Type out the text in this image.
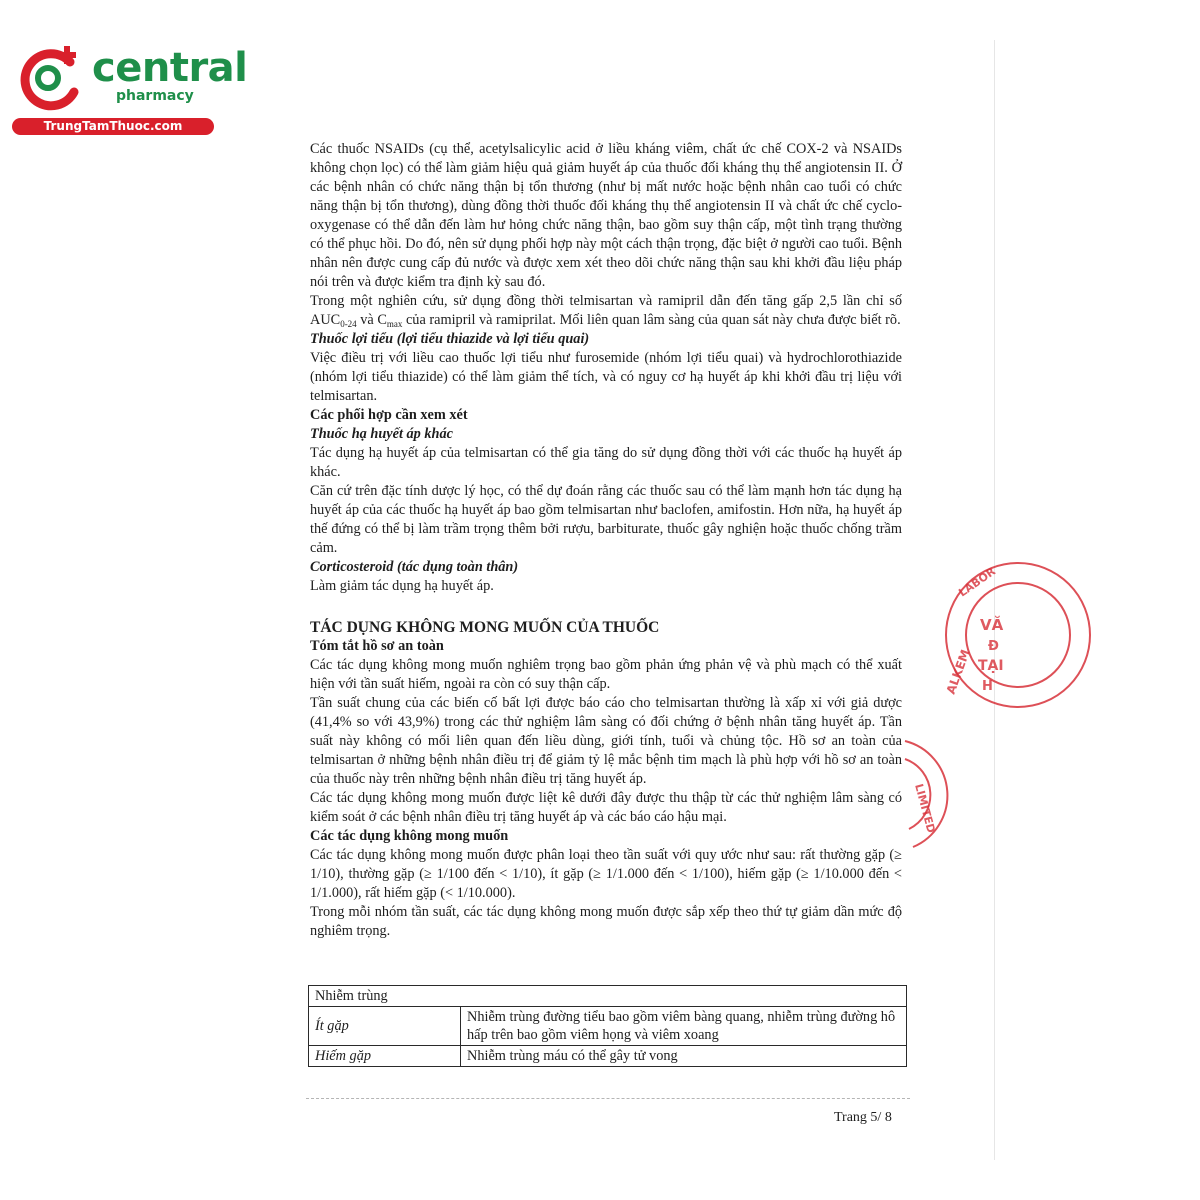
central
pharmacy
TrungTamThuoc.com

Các thuốc NSAIDs (cụ thể, acetylsalicylic acid ở liều kháng viêm, chất ức chế COX-2 và NSAIDs không chọn lọc) có thể làm giảm hiệu quả giảm huyết áp của thuốc đối kháng thụ thể angiotensin II. Ở các bệnh nhân có chức năng thận bị tổn thương (như bị mất nước hoặc bệnh nhân cao tuổi có chức năng thận bị tổn thương), dùng đồng thời thuốc đối kháng thụ thể angiotensin II và chất ức chế cyclo-oxygenase có thể dẫn đến làm hư hỏng chức năng thận, bao gồm suy thận cấp, một tình trạng thường có thể phục hồi. Do đó, nên sử dụng phối hợp này một cách thận trọng, đặc biệt ở người cao tuổi. Bệnh nhân nên được cung cấp đủ nước và được xem xét theo dõi chức năng thận sau khi khởi đầu liệu pháp nói trên và được kiểm tra định kỳ sau đó.

Trong một nghiên cứu, sử dụng đồng thời telmisartan và ramipril dẫn đến tăng gấp 2,5 lần chỉ số $AUC_{0-24}$ và $C_{max}$ của ramipril và ramiprilat. Mối liên quan lâm sàng của quan sát này chưa được biết rõ.

Thuốc lợi tiểu (lợi tiểu thiazide và lợi tiểu quai)

Việc điều trị với liều cao thuốc lợi tiểu như furosemide (nhóm lợi tiểu quai) và hydrochlorothiazide (nhóm lợi tiểu thiazide) có thể làm giảm thể tích, và có nguy cơ hạ huyết áp khi khởi đầu trị liệu với telmisartan.

Các phối hợp cần xem xét

Thuốc hạ huyết áp khác

Tác dụng hạ huyết áp của telmisartan có thể gia tăng do sử dụng đồng thời với các thuốc hạ huyết áp khác.

Căn cứ trên đặc tính dược lý học, có thể dự đoán rằng các thuốc sau có thể làm mạnh hơn tác dụng hạ huyết áp của các thuốc hạ huyết áp bao gồm telmisartan như baclofen, amifostin. Hơn nữa, hạ huyết áp thế đứng có thể bị làm trầm trọng thêm bởi rượu, barbiturate, thuốc gây nghiện hoặc thuốc chống trầm cảm.

Corticosteroid (tác dụng toàn thân)

Làm giảm tác dụng hạ huyết áp.

TÁC DỤNG KHÔNG MONG MUỐN CỦA THUỐC

Tóm tắt hồ sơ an toàn

Các tác dụng không mong muốn nghiêm trọng bao gồm phản ứng phản vệ và phù mạch có thể xuất hiện với tần suất hiếm, ngoài ra còn có suy thận cấp.

Tần suất chung của các biến cố bất lợi được báo cáo cho telmisartan thường là xấp xỉ với giả dược (41,4% so với 43,9%) trong các thử nghiệm lâm sàng có đối chứng ở bệnh nhân tăng huyết áp. Tần suất này không có mối liên quan đến liều dùng, giới tính, tuổi và chủng tộc. Hồ sơ an toàn của telmisartan ở những bệnh nhân điều trị để giảm tỷ lệ mắc bệnh tim mạch là phù hợp với hồ sơ an toàn của thuốc này trên những bệnh nhân điều trị tăng huyết áp.

Các tác dụng không mong muốn được liệt kê dưới đây được thu thập từ các thử nghiệm lâm sàng có kiểm soát ở các bệnh nhân điều trị tăng huyết áp và các báo cáo hậu mại.

Các tác dụng không mong muốn

Các tác dụng không mong muốn được phân loại theo tần suất với quy ước như sau: rất thường gặp (≥ 1/10), thường gặp (≥ 1/100 đến < 1/10), ít gặp (≥ 1/1.000 đến < 1/100), hiếm gặp (≥ 1/10.000 đến < 1/1.000), rất hiếm gặp (< 1/10.000).

Trong mỗi nhóm tần suất, các tác dụng không mong muốn được sắp xếp theo thứ tự giảm dần mức độ nghiêm trọng.

Nhiễm trùng	
Ít gặp	Nhiễm trùng đường tiểu bao gồm viêm bàng quang, nhiễm trùng đường hô hấp trên bao gồm viêm họng và viêm xoang
Hiếm gặp	Nhiễm trùng máu có thể gây tử vong
Trang 5/ 8
ALKEM
LABOR
VĂ
Đ
TẠI
H
LIMITED
